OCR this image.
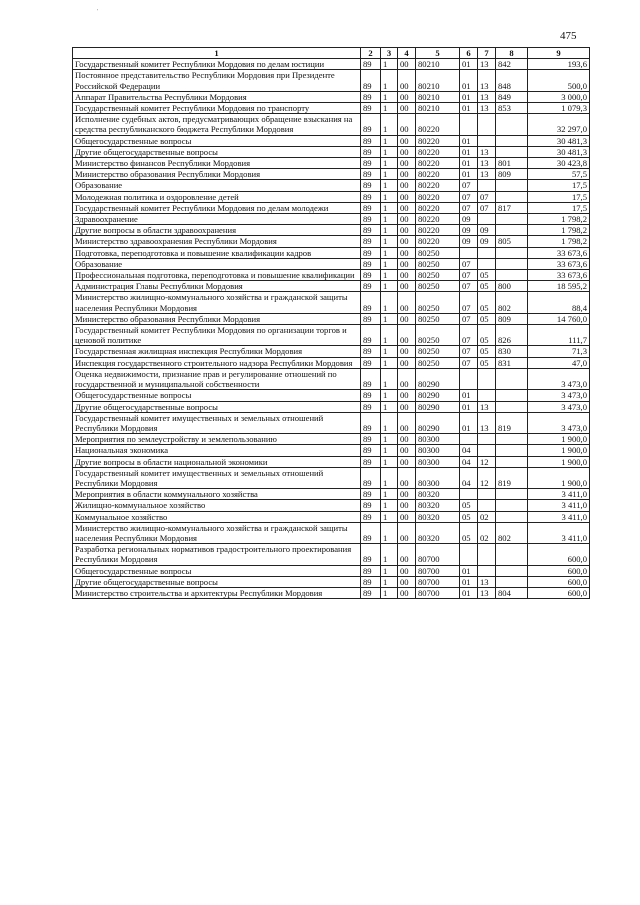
'
475
1	2	3	4	5	6	7	8	9
Государственный комитет Республики Мордовия по делам юстиции	89	1	00	80210	01	13	842	193,6
Постоянное представительство Республики Мордовия при Президенте Российской Федерации	89	1	00	80210	01	13	848	500,0
Аппарат Правительства Республики Мордовия	89	1	00	80210	01	13	849	3 000,0
Государственный комитет Республики Мордовия по транспорту	89	1	00	80210	01	13	853	1 079,3
Исполнение судебных актов, предусматривающих обращение взыскания на средства республиканского бюджета Республики Мордовия	89	1	00	80220				32 297,0
Общегосударственные вопросы	89	1	00	80220	01			30 481,3
Другие общегосударственные вопросы	89	1	00	80220	01	13		30 481,3
Министерство финансов Республики Мордовия	89	1	00	80220	01	13	801	30 423,8
Министерство образования Республики Мордовия	89	1	00	80220	01	13	809	57,5
Образование	89	1	00	80220	07			17,5
Молодежная политика и оздоровление детей	89	1	00	80220	07	07		17,5
Государственный комитет Республики Мордовия по делам молодежи	89	1	00	80220	07	07	817	17,5
Здравоохранение	89	1	00	80220	09			1 798,2
Другие вопросы в области здравоохранения	89	1	00	80220	09	09		1 798,2
Министерство здравоохранения Республики Мордовия	89	1	00	80220	09	09	805	1 798,2
Подготовка, переподготовка и повышение квалификации кадров	89	1	00	80250				33 673,6
Образование	89	1	00	80250	07			33 673,6
Профессиональная подготовка, переподготовка и повышение квалификации	89	1	00	80250	07	05		33 673,6
Администрация Главы Республики Мордовия	89	1	00	80250	07	05	800	18 595,2
Министерство жилищно-коммунального хозяйства и гражданской защиты населения Республики Мордовия	89	1	00	80250	07	05	802	88,4
Министерство образования Республики Мордовия	89	1	00	80250	07	05	809	14 760,0
Государственный комитет Республики Мордовия по организации торгов и ценовой политике	89	1	00	80250	07	05	826	111,7
Государственная жилищная инспекция Республики Мордовия	89	1	00	80250	07	05	830	71,3
Инспекция государственного строительного надзора Республики Мордовия	89	1	00	80250	07	05	831	47,0
Оценка недвижимости, признание прав и регулирование отношений по государственной и муниципальной собственности	89	1	00	80290				3 473,0
Общегосударственные вопросы	89	1	00	80290	01			3 473,0
Другие общегосударственные вопросы	89	1	00	80290	01	13		3 473,0
Государственный комитет имущественных и земельных отношений Республики Мордовия	89	1	00	80290	01	13	819	3 473,0
Мероприятия по землеустройству и землепользованию	89	1	00	80300				1 900,0
Национальная экономика	89	1	00	80300	04			1 900,0
Другие вопросы в области национальной экономики	89	1	00	80300	04	12		1 900,0
Государственный комитет имущественных и земельных отношений Республики Мордовия	89	1	00	80300	04	12	819	1 900,0
Мероприятия в области коммунального хозяйства	89	1	00	80320				3 411,0
Жилищно-коммунальное хозяйство	89	1	00	80320	05			3 411,0
Коммунальное хозяйство	89	1	00	80320	05	02		3 411,0
Министерство жилищно-коммунального хозяйства и гражданской защиты населения Республики Мордовия	89	1	00	80320	05	02	802	3 411,0
Разработка региональных нормативов градостроительного проектирования Республики Мордовия	89	1	00	80700				600,0
Общегосударственные вопросы	89	1	00	80700	01			600,0
Другие общегосударственные вопросы	89	1	00	80700	01	13		600,0
Министерство строительства и архитектуры Республики Мордовия	89	1	00	80700	01	13	804	600,0
